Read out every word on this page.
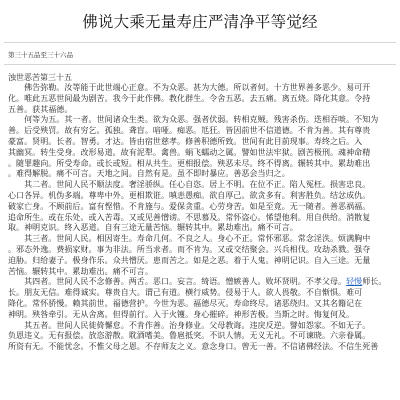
佛说大乘无量寿庄严清净平等觉经
第三十五品至三十六品
浊世恶苦第三十五
　　佛告弥勒。汝等能于此世端心正意。不为众恶。甚为大德。所以者何。十方世界善多恶少。易可开
化。唯此五恶世间最为剧苦。我今于此作佛。教化群生。令舍五恶。去五痛。离五烧。降化其意。令持
五善。获其福德。
　　何等为五。其一者。世间诸众生类。欲为众恶。强者伏弱。转相克贼。残害杀伤。迭相吞啖。不知为
善。后受殃罚。故有穷乞。孤独。聋盲。喑哑。痴恶。尪狂。皆因前世不信道德。不肯为善。其有尊贵
豪富。贤明。长者。智勇。才达。皆由宿世慈孝。修善积德所致。世间有此目前现事。寿终之后。入
其幽冥。转生受身。改形易道。故有泥犁。禽兽。蜎飞蠕动之属。譬如世法牢狱。剧苦极刑。魂神命精
。随罪趣向。所受寿命。或长或短。相从共生。更相报偿。殃恶未尽。终不得离。辗转其中。累劫难出
。难得解脱。痛不可言。天地之间。自然有是。虽不即时暴应。善恶会当归之。
　　其二者。世间人民不顺法度。奢淫骄纵。任心自恣。居上不明。在位不正。陷人冤枉。损害忠良。
心口各异。机伪多端。尊卑中外。更相欺诳。嗔恚愚痴。欲自厚己。欲贪多有。利害胜负。结忿成仇。
破家亡身。不顾前后。富有悭惜。不肯施与。爱保贪重。心劳身苦。如是至竟。无一随者。善恶祸福。
追命所生。或在乐处。或入苦毒。又或见善憎谤。不思慕及。常怀盗心。悕望他利。用自供给。消散复
取。神明克识。终入恶道。自有三途无量苦恼。辗转其中。累劫难出。痛不可言。
　　其三者。世间人民。相因寄生。寿命几何。不良之人。身心不正。常怀邪恶。常念淫泆。烦满胸中
。邪态外逸。费损家财。事为非法。所当求者。而不肯为。又或交结聚会。兴兵相伐。攻劫杀戮。强夺
迫胁。归给妻子。极身作乐。众共憎厌。患而苦之。如是之恶。着于人鬼。神明记识。自入三途。无量
苦恼。辗转其中。累劫难出。痛不可言。
　　其四者。世间人民不念修善。两舌。恶口。妄言。绮语。憎嫉善人。败坏贤明。不孝父母。轻慢师长。
长。朋友无信。难得诚实。尊贵自大。谓己有道。横行威势。侵易于人。欲人畏敬。不自惭惧。难可
降化。常怀骄慢。赖其前世。福德营护。今世为恶。福德尽灭。寿命终尽。诸恶绕归。又其名籍记在
神明。殃咎牵引。无从舍离。但得前行。入于火镬。身心摧碎。神形苦极。当斯之时。悔复何及。
　　其五者。世间人民徙倚懈怠。不肯作善。治身修业。父母教诲。违戾反逆。譬如怨家。不如无子。
负恩违义。无有报偿。放恣游散。耽酒嗜美。鲁扈抵突。不识人情。无义无礼。不可谏晓。六亲眷属。
所资有无。不能忧念。不惟父母之恩。不存师友之义。意念身口。曾无一善。不信诸佛经法。不信生死善
